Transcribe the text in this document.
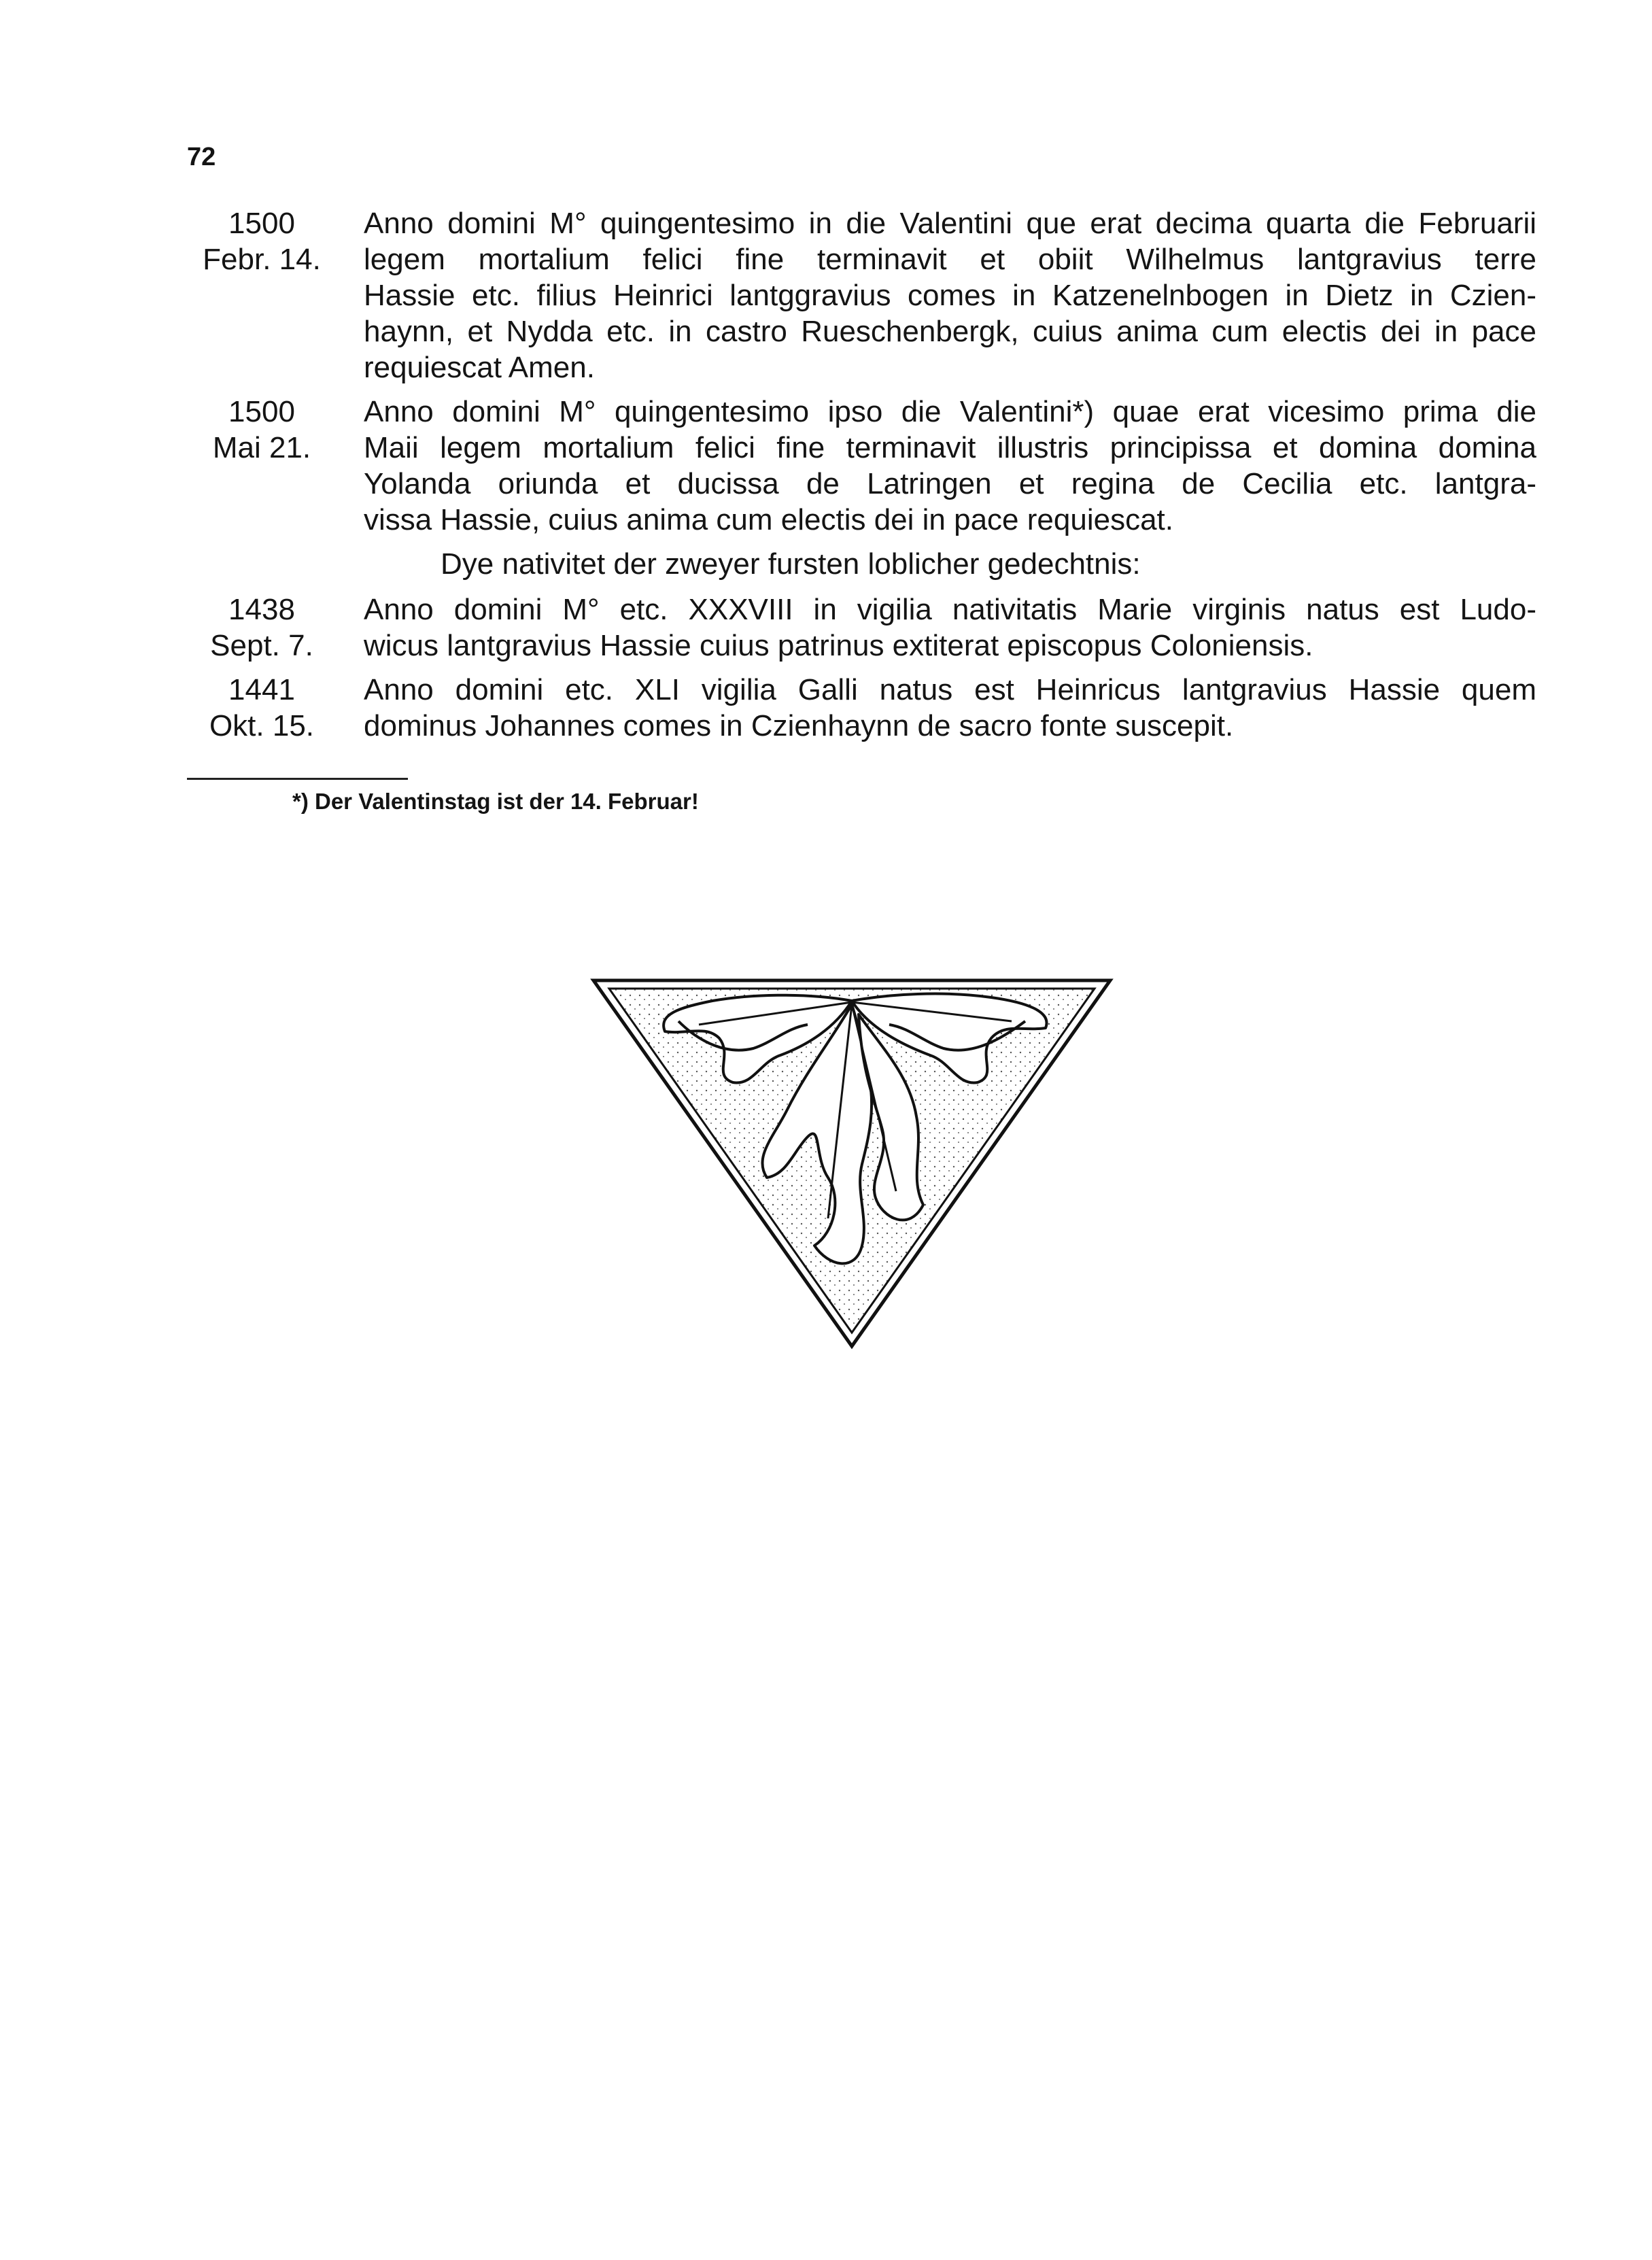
72
1500
Febr. 14.
Anno domini M° quingentesimo in die Valentini que erat decima quarta die Februarii
legem mortalium felici fine terminavit et obiit Wilhelmus lantgravius terre
Hassie etc. filius Heinrici lantggravius comes in Katzenelnbogen in Dietz in Czien-
haynn, et Nydda etc. in castro Rueschenbergk, cuius anima cum electis dei in pace
requiescat Amen.
1500
Mai 21.
Anno domini M° quingentesimo ipso die Valentini*) quae erat vicesimo prima die
Maii legem mortalium felici fine terminavit illustris principissa et domina domina
Yolanda oriunda et ducissa de Latringen et regina de Cecilia etc. lantgra-
vissa Hassie, cuius anima cum electis dei in pace requiescat.
Dye nativitet der zweyer fursten loblicher gedechtnis:
1438
Sept. 7.
Anno domini M° etc. XXXVIII in vigilia nativitatis Marie virginis natus est Ludo-
wicus lantgravius Hassie cuius patrinus extiterat episcopus Coloniensis.
1441
Okt. 15.
Anno domini etc. XLI vigilia Galli natus est Heinricus lantgravius Hassie quem
dominus Johannes comes in Czienhaynn de sacro fonte suscepit.
*) Der Valentinstag ist der 14. Februar!
